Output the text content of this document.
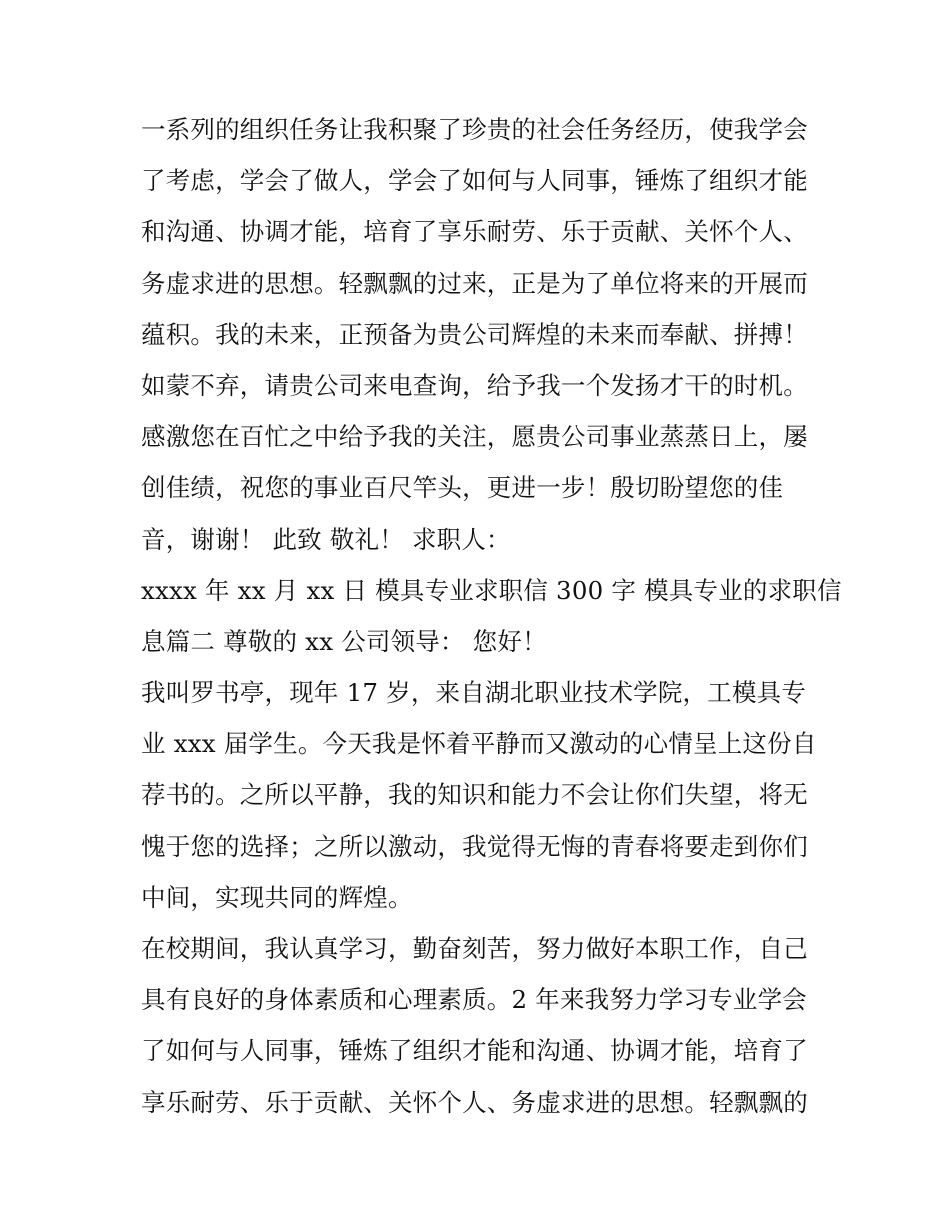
一系列的组织任务让我积聚了珍贵的社会任务经历，使我学会
了考虑，学会了做人，学会了如何与人同事，锤炼了组织才能
和沟通、协调才能，培育了享乐耐劳、乐于贡献、关怀个人、
务虚求进的思想。轻飘飘的过来，正是为了单位将来的开展而
蕴积。我的未来，正预备为贵公司辉煌的未来而奉献、拼搏！
如蒙不弃，请贵公司来电查询，给予我一个发扬才干的时机。
感激您在百忙之中给予我的关注，愿贵公司事业蒸蒸日上，屡
创佳绩，祝您的事业百尺竿头，更进一步！殷切盼望您的佳
音，谢谢！ 此致 敬礼！ 求职人：
xxxx 年 xx 月 xx 日 模具专业求职信 300 字 模具专业的求职信
息篇二 尊敬的 xx 公司领导： 您好！
我叫罗书亭，现年 17 岁，来自湖北职业技术学院，工模具专
业 xxx 届学生。今天我是怀着平静而又激动的心情呈上这份自
荐书的。之所以平静，我的知识和能力不会让你们失望，将无
愧于您的选择；之所以激动，我觉得无悔的青春将要走到你们
中间，实现共同的辉煌。
在校期间，我认真学习，勤奋刻苦，努力做好本职工作，自己
具有良好的身体素质和心理素质。2 年来我努力学习专业学会
了如何与人同事，锤炼了组织才能和沟通、协调才能，培育了
享乐耐劳、乐于贡献、关怀个人、务虚求进的思想。轻飘飘的
